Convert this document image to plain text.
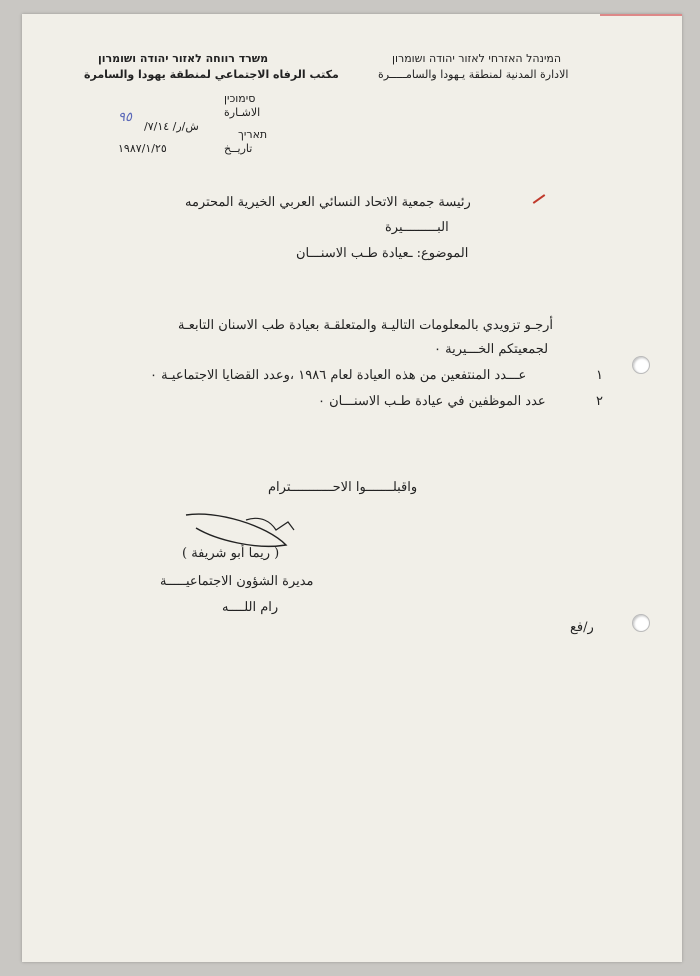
המינהל האזרחי לאזור יהודה ושומרון
الادارة المدنية لمنطقة يـهودا والسامـــــرة
משרד רווחה לאזור יהודה ושומרון
مكتب الرفاه الاجتماعي لمنطقة يهودا والسامرة
סימוכין
الاشـارة
ش/ر/ ٧/١٤/
٩٥
תאריך
تاريــخ
١٩٨٧/١/٢٥
رئيسة جمعية الاتحاد النسائي العربي الخيرية المحترمه
البـــــــــيرة
الموضوع: ـعيادة طـب الاسنـــان
أرجـو تزويدي بالمعلومات التاليـة والمتعلقـة بعيادة طب الاسنان التابعـة
لجمعيتكم الخـــيرية ٠
١
عـــدد المنتفعين من هذه العيادة لعام ١٩٨٦ ،وعدد القضايا الاجتماعيـة ٠
٢
عدد الموظفين في عيادة طـب الاسنـــان ٠
واقبلـــــــوا الاحـــــــــــترام
( ريما أبو شريفة )
مديرة الشؤون الاجتماعيـــــة
رام اللــــه
ر/فع
